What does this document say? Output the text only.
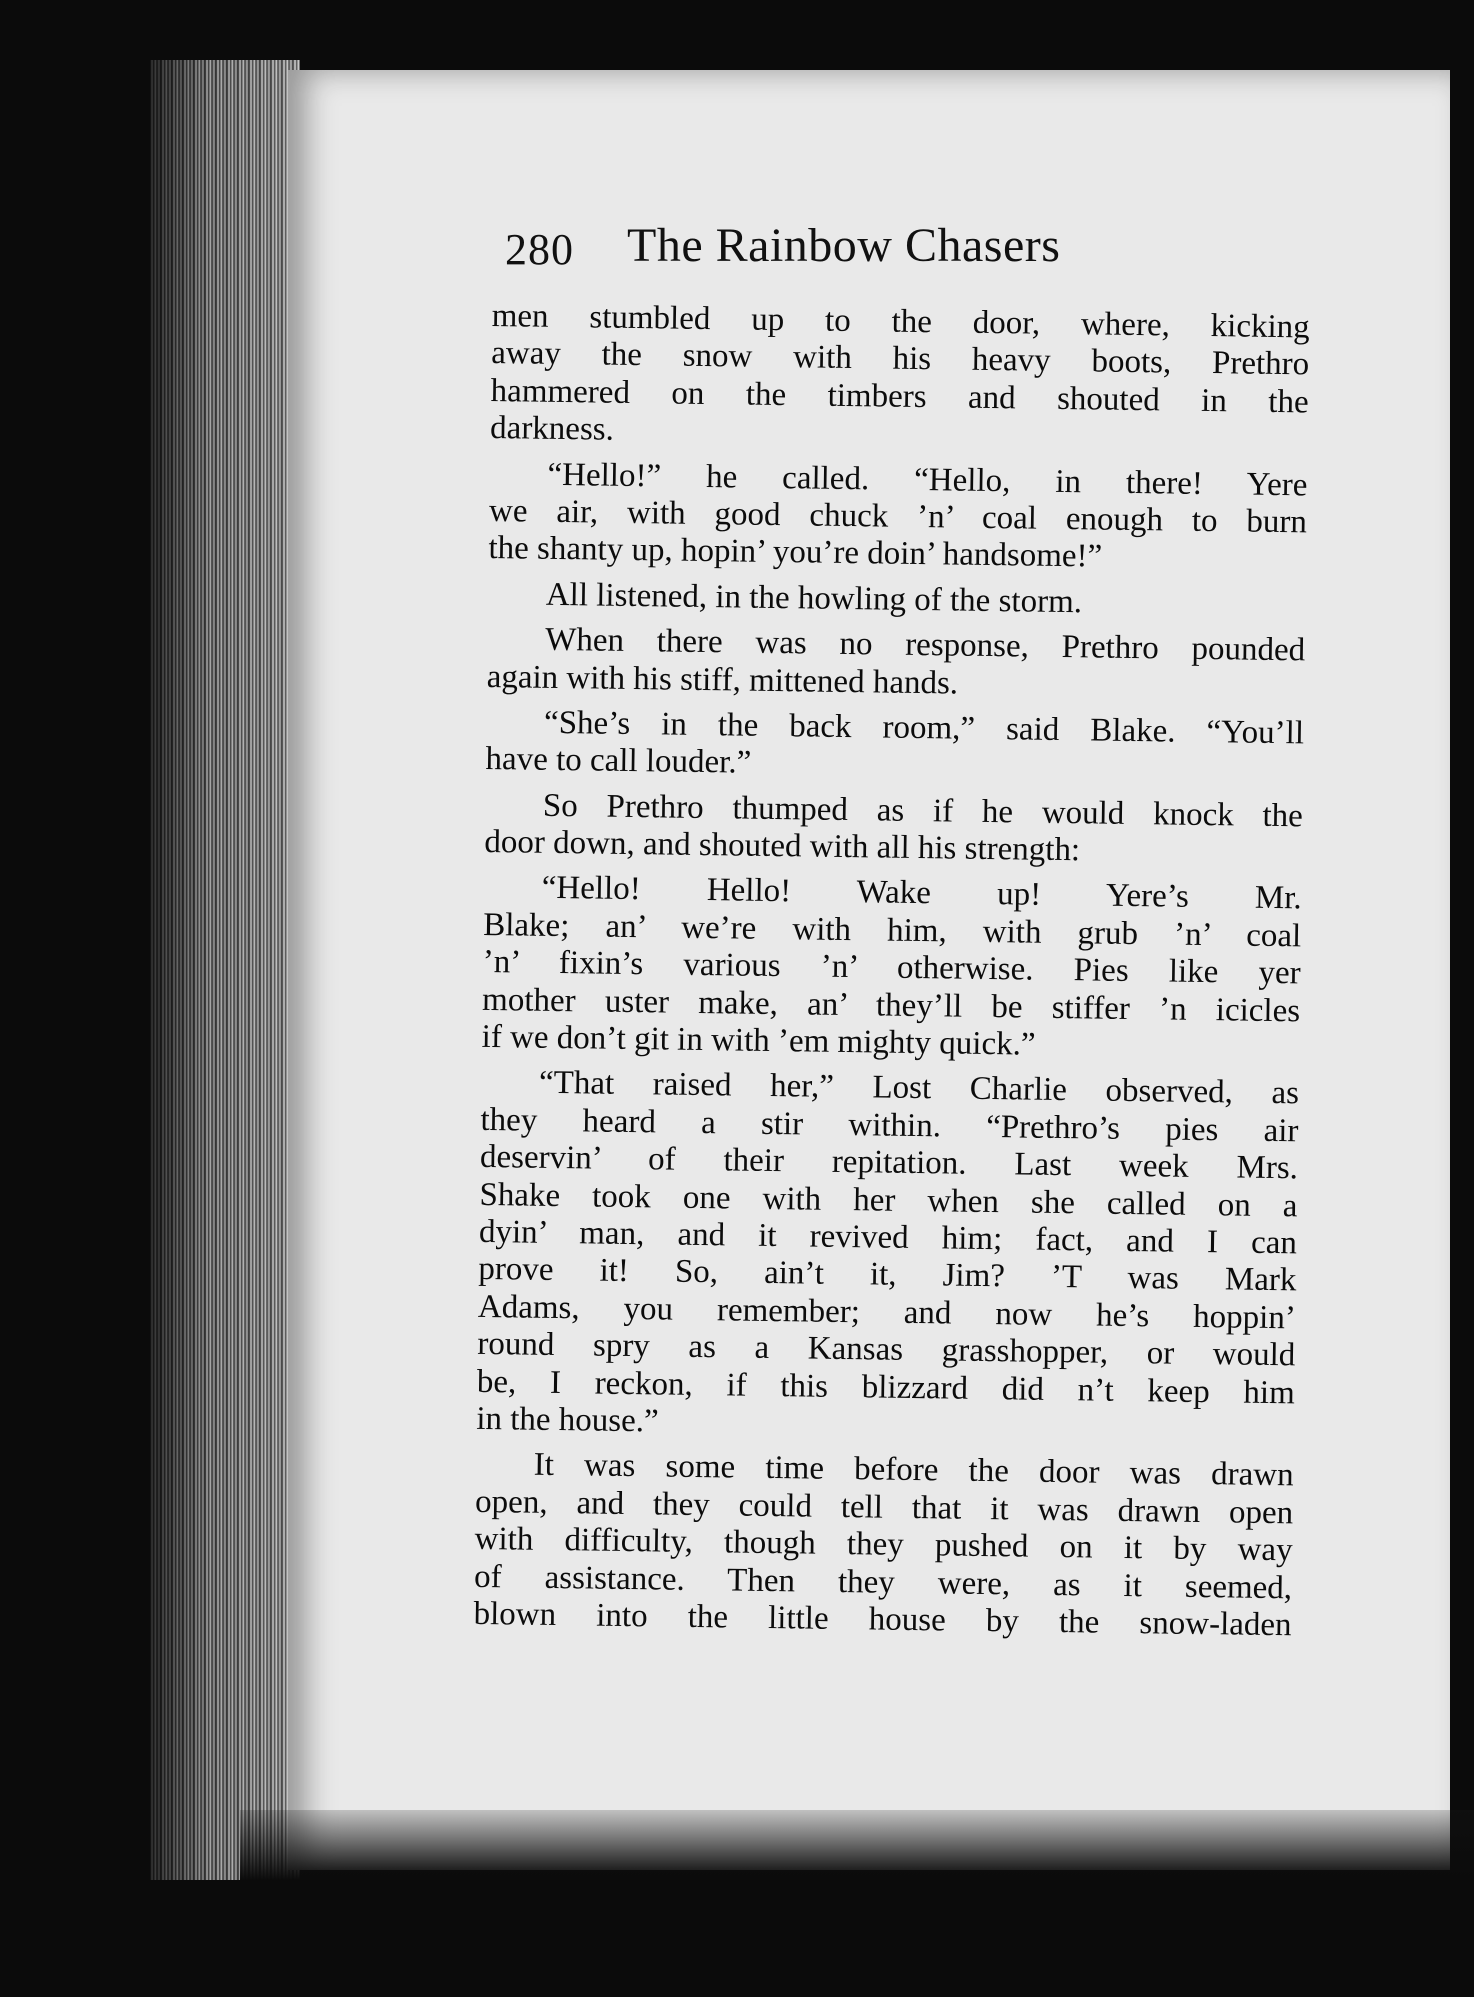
280 The Rainbow Chasers
men stumbled up to the door, where, kicking
away the snow with his heavy boots, Prethro
hammered on the timbers and shouted in the
darkness.
“Hello!” he called. “Hello, in there! Yere
we air, with good chuck ’n’ coal enough to burn
the shanty up, hopin’ you’re doin’ handsome!”
All listened, in the howling of the storm.
When there was no response, Prethro pounded
again with his stiff, mittened hands.
“She’s in the back room,” said Blake. “You’ll
have to call louder.”
So Prethro thumped as if he would knock the
door down, and shouted with all his strength:
“Hello! Hello! Wake up! Yere’s Mr.
Blake; an’ we’re with him, with grub ’n’ coal
’n’ fixin’s various ’n’ otherwise. Pies like yer
mother uster make, an’ they’ll be stiffer ’n icicles
if we don’t git in with ’em mighty quick.”
“That raised her,” Lost Charlie observed, as
they heard a stir within. “Prethro’s pies air
deservin’ of their repitation. Last week Mrs.
Shake took one with her when she called on a
dyin’ man, and it revived him; fact, and I can
prove it! So, ain’t it, Jim? ’T was Mark
Adams, you remember; and now he’s hoppin’
round spry as a Kansas grasshopper, or would
be, I reckon, if this blizzard did n’t keep him
in the house.”
It was some time before the door was drawn
open, and they could tell that it was drawn open
with difficulty, though they pushed on it by way
of assistance. Then they were, as it seemed,
blown into the little house by the snow-laden
